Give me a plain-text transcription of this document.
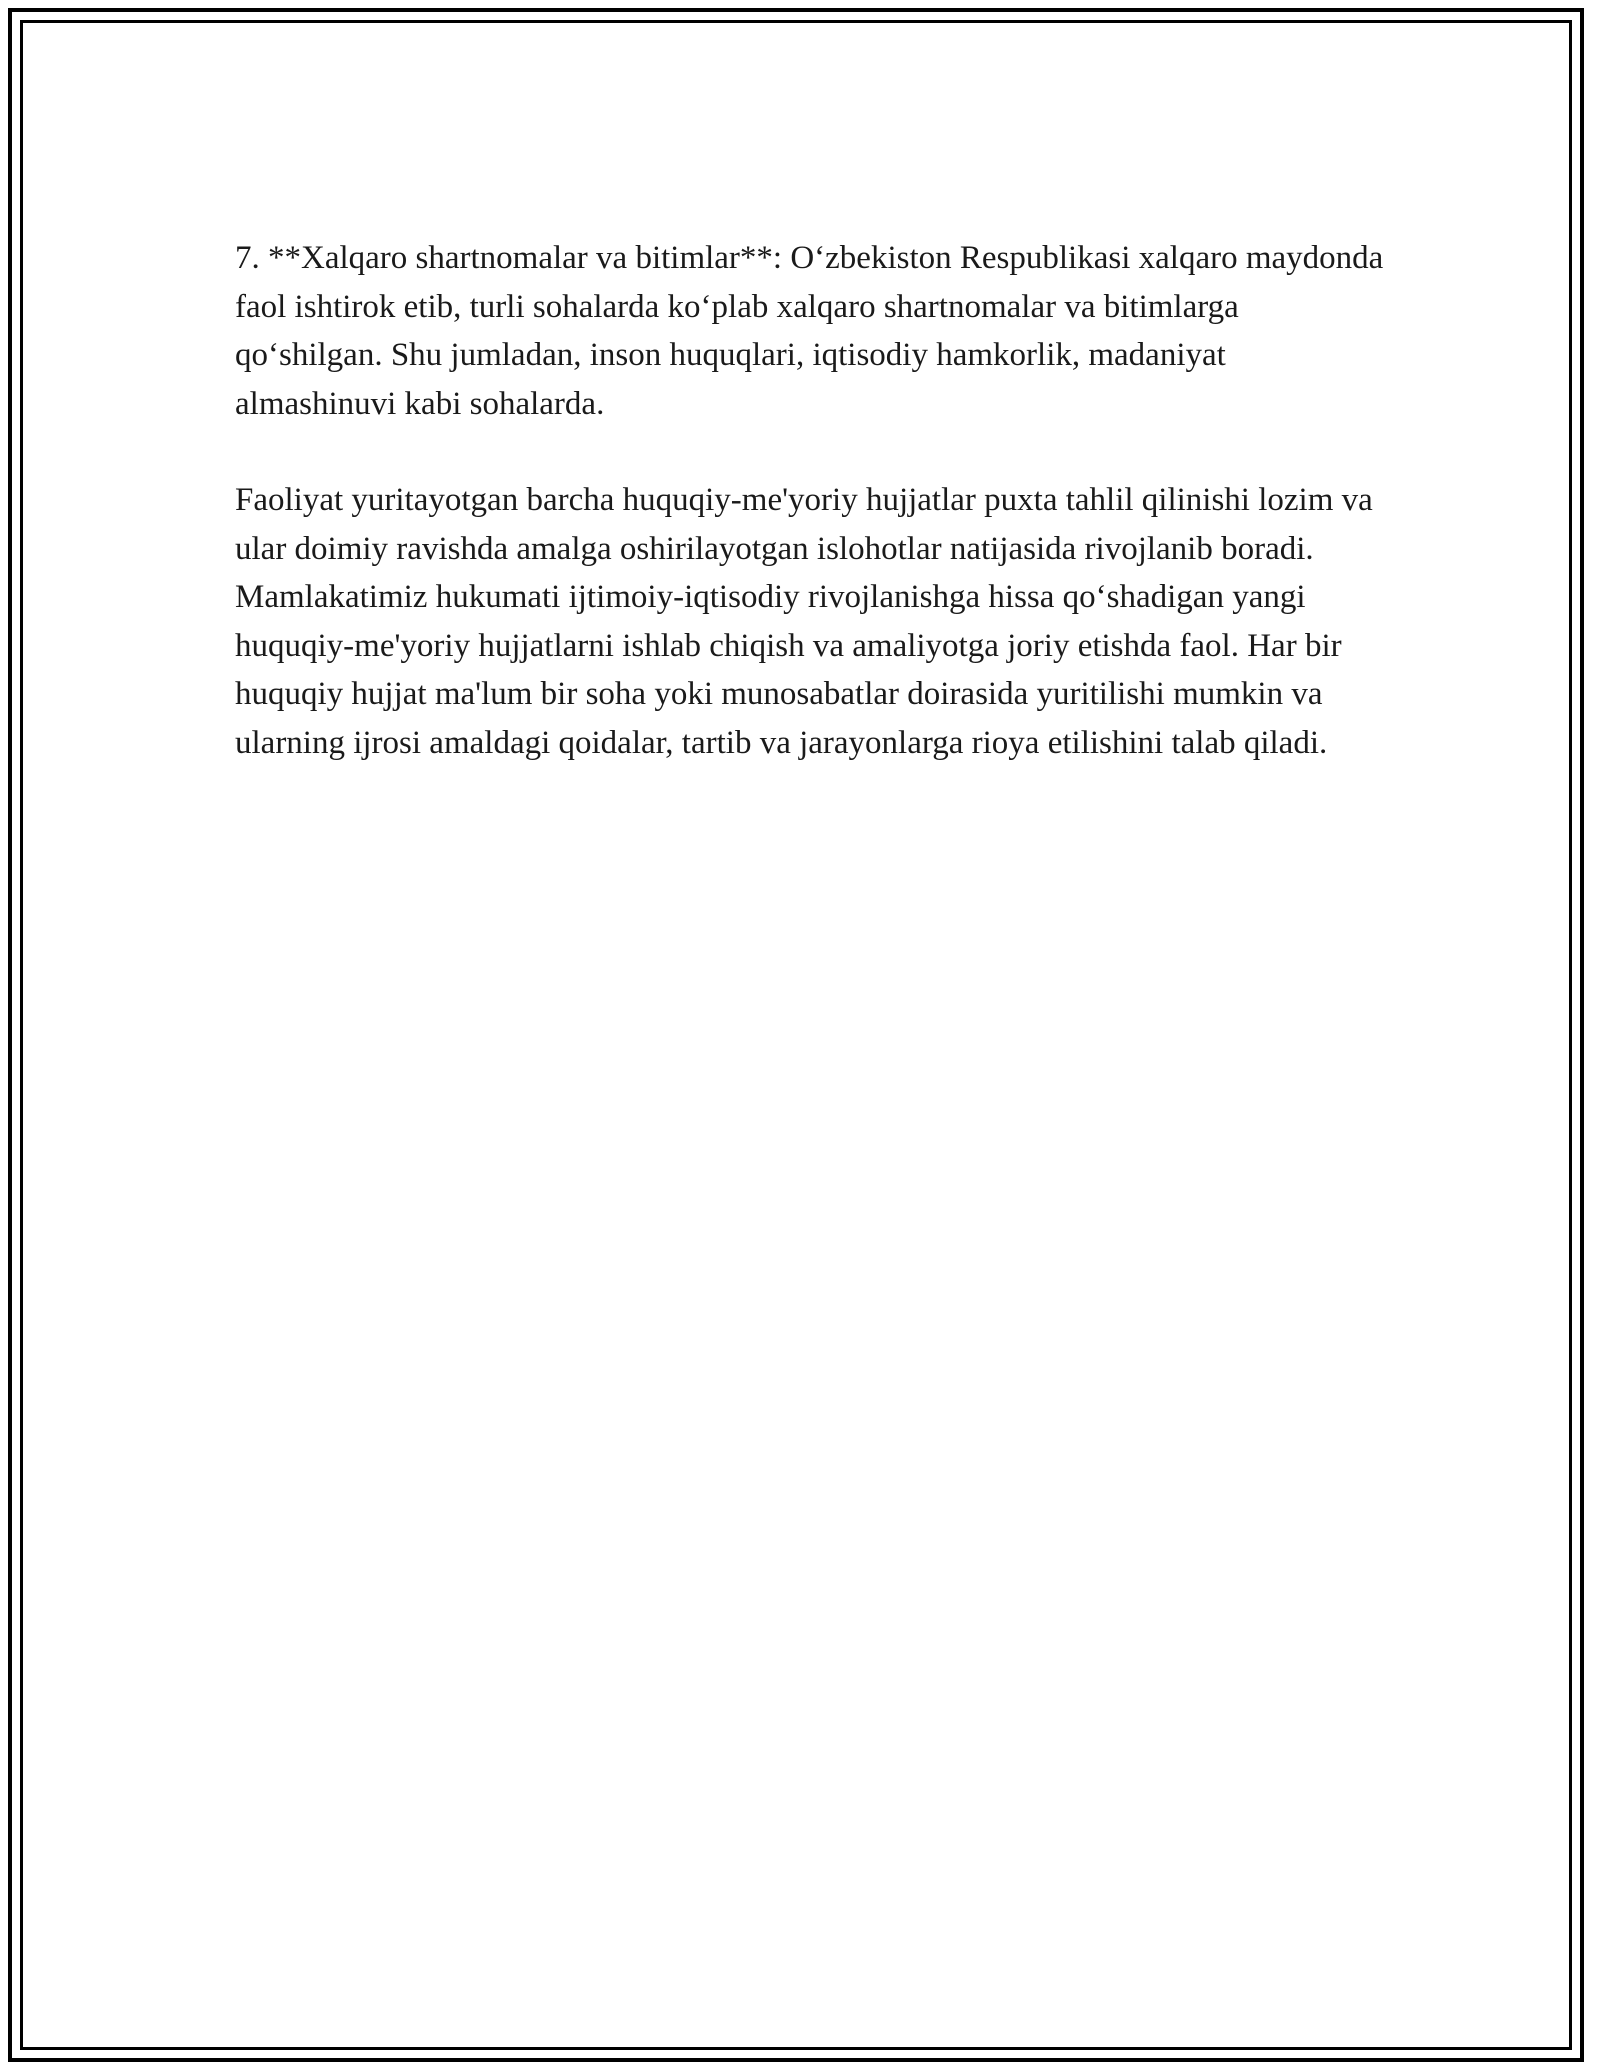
7. **Xalqaro shartnomalar va bitimlar**: O‘zbekiston Respublikasi xalqaro maydonda faol ishtirok etib, turli sohalarda ko‘plab xalqaro shartnomalar va bitimlarga qo‘shilgan. Shu jumladan, inson huquqlari, iqtisodiy hamkorlik, madaniyat almashinuvi kabi sohalarda.

Faoliyat yuritayotgan barcha huquqiy-me'yoriy hujjatlar puxta tahlil qilinishi lozim va ular doimiy ravishda amalga oshirilayotgan islohotlar natijasida rivojlanib boradi. Mamlakatimiz hukumati ijtimoiy-iqtisodiy rivojlanishga hissa qo‘shadigan yangi huquqiy-me'yoriy hujjatlarni ishlab chiqish va amaliyotga joriy etishda faol. Har bir huquqiy hujjat ma'lum bir soha yoki munosabatlar doirasida yuritilishi mumkin va ularning ijrosi amaldagi qoidalar, tartib va jarayonlarga rioya etilishini talab qiladi.
